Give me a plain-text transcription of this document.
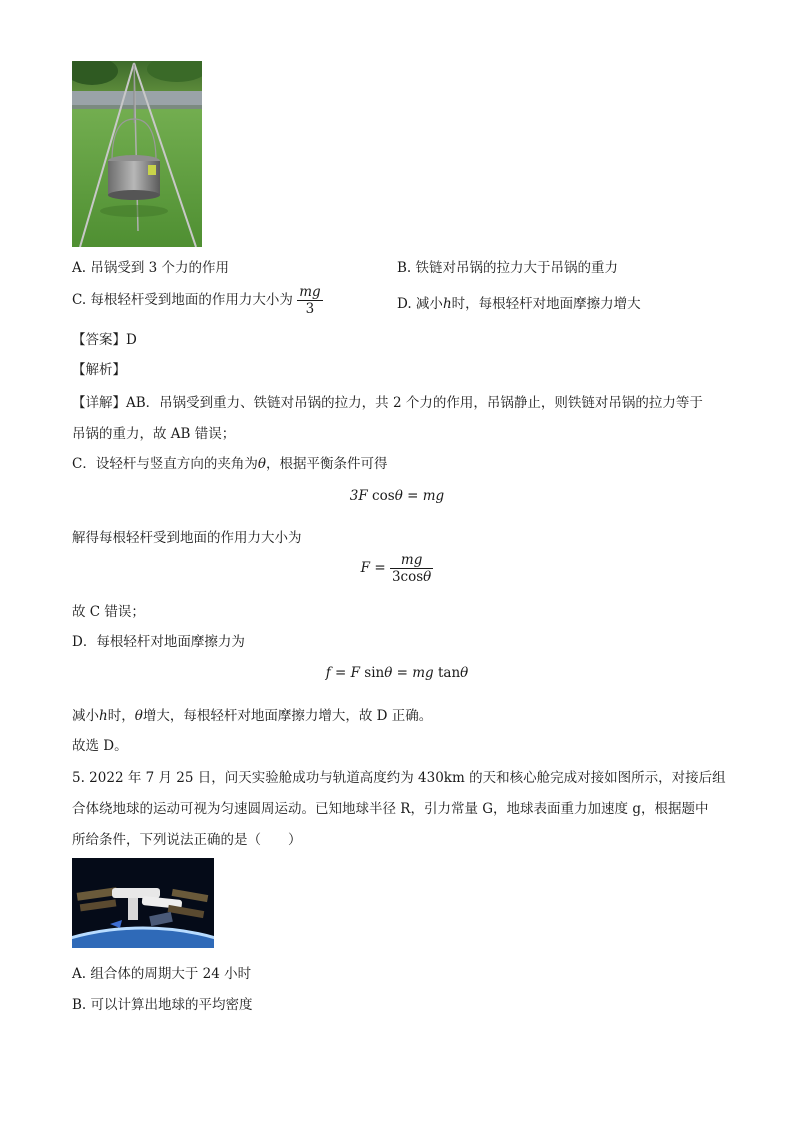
A. 吊锅受到 3 个力的作用	B. 铁链对吊锅的拉力大于吊锅的重力
C. 每根轻杆受到地面的作用力大小为 $\frac{mg}{3}$	D. 减小h时，每根轻杆对地面摩擦力增大
【答案】D
【解析】
【详解】AB．吊锅受到重力、铁链对吊锅的拉力，共 2 个力的作用，吊锅静止，则铁链对吊锅的拉力等于
吊锅的重力，故 AB 错误；
C．设轻杆与竖直方向的夹角为θ，根据平衡条件可得
3F cosθ = mg
解得每根轻杆受到地面的作用力大小为
$F = \frac{mg}{3\cos\theta}$
故 C 错误；
D．每根轻杆对地面摩擦力为
f = F sinθ = mg tanθ
减小h时，θ增大，每根轻杆对地面摩擦力增大，故 D 正确。
故选 D。
5. 2022 年 7 月 25 日，问天实验舱成功与轨道高度约为 430km 的天和核心舱完成对接如图所示，对接后组
合体绕地球的运动可视为匀速圆周运动。已知地球半径 R，引力常量 G，地球表面重力加速度 g，根据题中
所给条件，下列说法正确的是（　　）
A. 组合体的周期大于 24 小时
B. 可以计算出地球的平均密度
